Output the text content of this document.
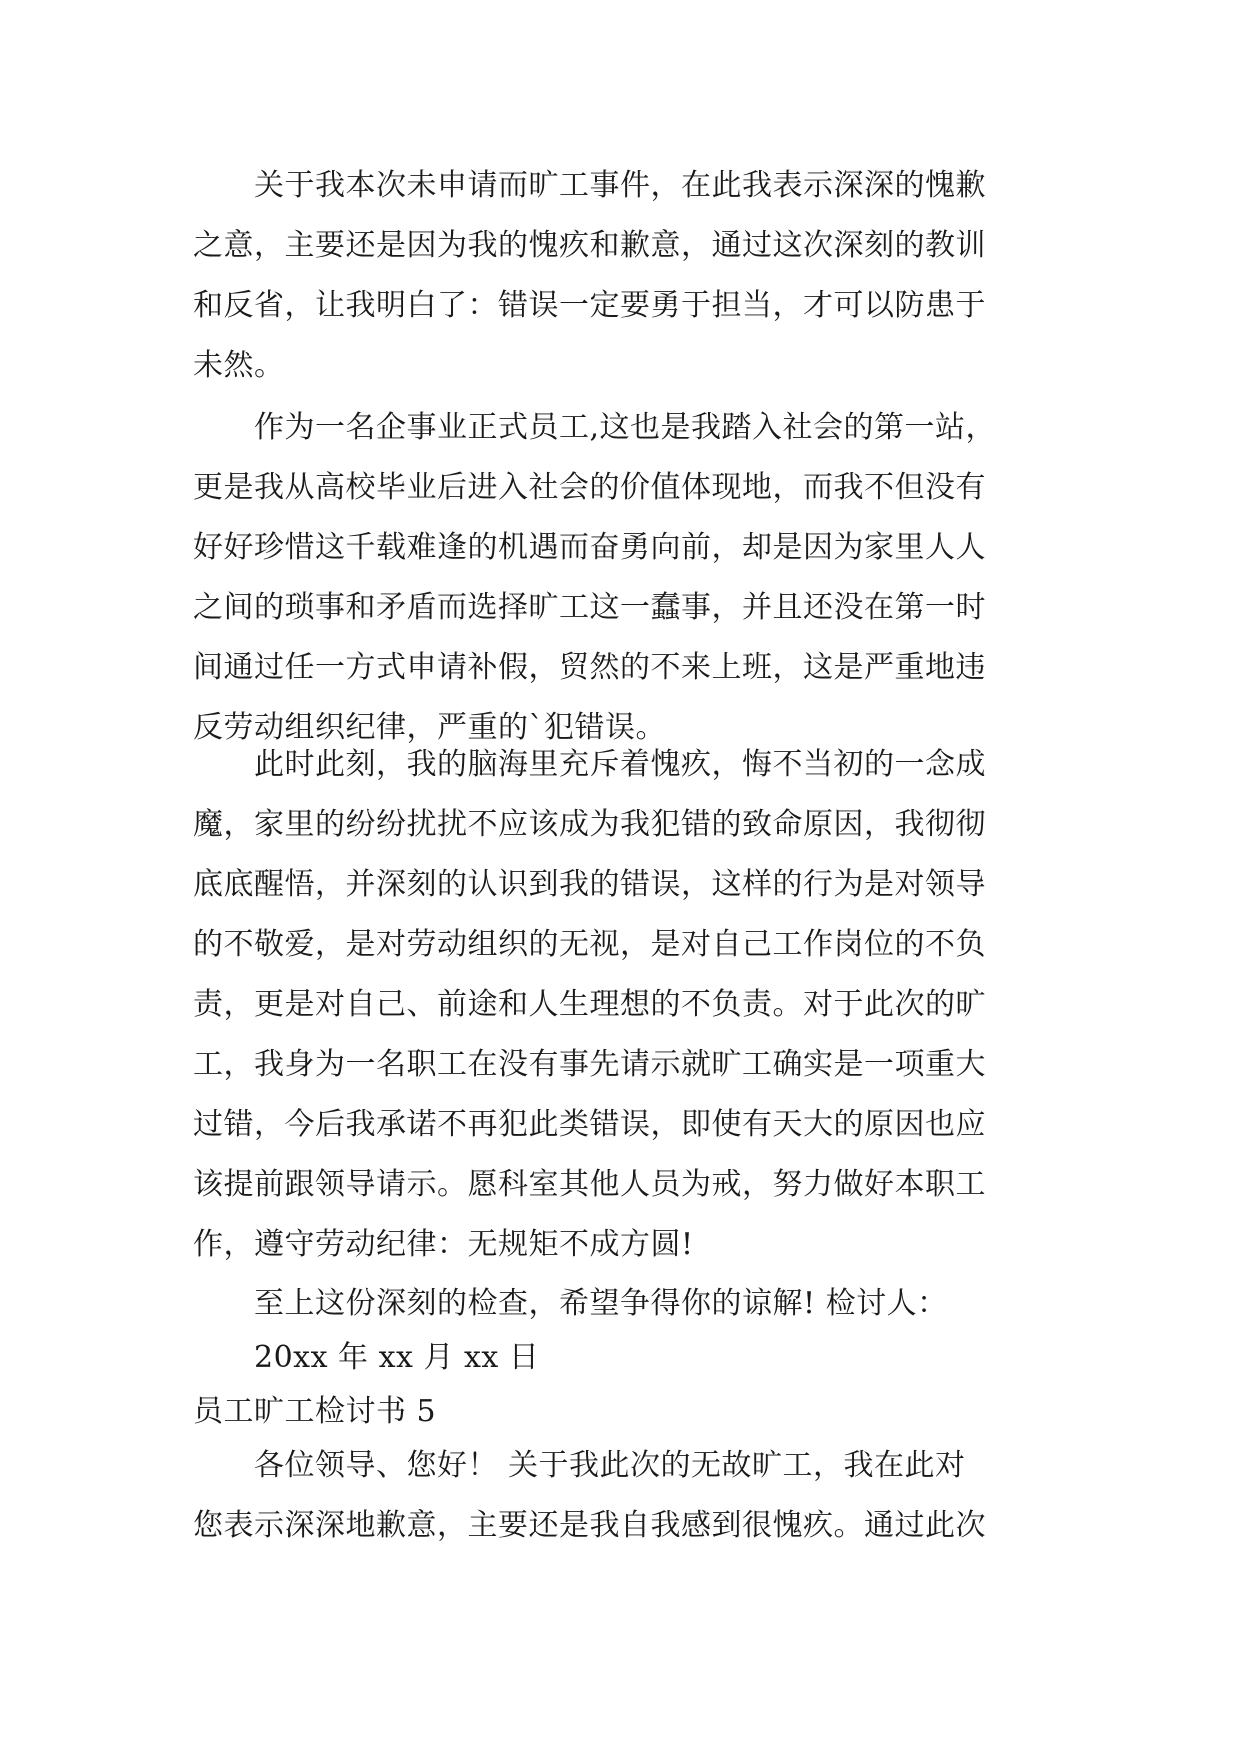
　　关于我本次未申请而旷工事件，在此我表示深深的愧歉
之意，主要还是因为我的愧疚和歉意，通过这次深刻的教训
和反省，让我明白了：错误一定要勇于担当，才可以防患于
未然。
　　作为一名企事业正式员工,这也是我踏入社会的第一站，
更是我从高校毕业后进入社会的价值体现地，而我不但没有
好好珍惜这千载难逢的机遇而奋勇向前，却是因为家里人人
之间的琐事和矛盾而选择旷工这一蠢事，并且还没在第一时
间通过任一方式申请补假，贸然的不来上班，这是严重地违
反劳动组织纪律，严重的`犯错误。
　　此时此刻，我的脑海里充斥着愧疚，悔不当初的一念成
魔，家里的纷纷扰扰不应该成为我犯错的致命原因，我彻彻
底底醒悟，并深刻的认识到我的错误，这样的行为是对领导
的不敬爱，是对劳动组织的无视，是对自己工作岗位的不负
责，更是对自己、前途和人生理想的不负责。对于此次的旷
工，我身为一名职工在没有事先请示就旷工确实是一项重大
过错，今后我承诺不再犯此类错误，即使有天大的原因也应
该提前跟领导请示。愿科室其他人员为戒，努力做好本职工
作，遵守劳动纪律：无规矩不成方圆!
　　至上这份深刻的检查，希望争得你的谅解! 检讨人：
　　20xx 年 xx 月 xx 日
员工旷工检讨书 5
　　各位领导、您好！ 关于我此次的无故旷工，我在此对
您表示深深地歉意，主要还是我自我感到很愧疚。通过此次
